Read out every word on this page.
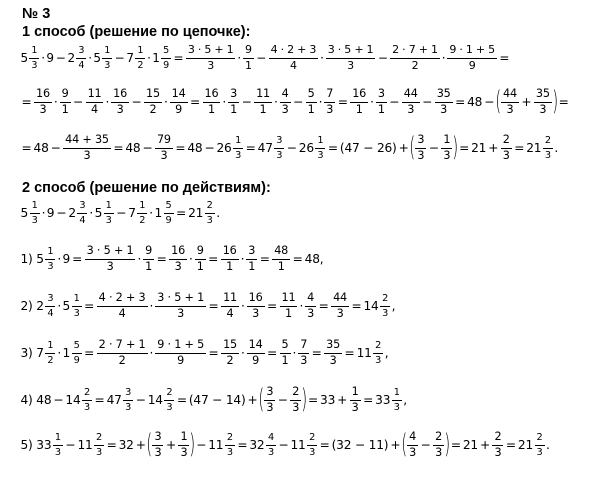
№ 3
1 способ (решение по цепочке):
$5 \frac{1}{3} \cdot 9 - 2 \frac{3}{4} \cdot 5 \frac{1}{3} - 7 \frac{1}{2} \cdot 1 \frac{5}{9} = \frac{3 \cdot 5 + 1}{3} \cdot \frac{9}{1} - \frac{4 \cdot 2 + 3}{4} \cdot \frac{3 \cdot 5 + 1}{3} - \frac{2 \cdot 7 + 1}{2} \cdot \frac{9 \cdot 1 + 5}{9}$ =
= $\frac{16}{3} \cdot \frac{9}{1} - \frac{11}{4} \cdot \frac{16}{3} - \frac{15}{2} \cdot \frac{14}{9} = \frac{16}{1} \cdot \frac{3}{1} - \frac{11}{1} \cdot \frac{4}{3} - \frac{5}{1} \cdot \frac{7}{3} = \frac{16}{1} \cdot \frac{3}{1} - \frac{44}{3} - \frac{35}{3} = 48$ − ( $\frac{44}{3} + \frac{35}{3}$ ) =
= $48 - \frac{44 + 35}{3} = 48 - \frac{79}{3} = 48 - 26 \frac{1}{3} = 47 \frac{3}{3} - 26 \frac{1}{3} = (47 - 26)$ + ( $\frac{3}{3} - \frac{1}{3}$ ) = $21 + \frac{2}{3} = 21 \frac{2}{3}$ .
2 способ (решение по действиям):
$5 \frac{1}{3} \cdot 9 - 2 \frac{3}{4} \cdot 5 \frac{1}{3} - 7 \frac{1}{2} \cdot 1 \frac{5}{9} = 21 \frac{2}{3}$ .
1) $5 \frac{1}{3} \cdot 9 = \frac{3 \cdot 5 + 1}{3} \cdot \frac{9}{1} = \frac{16}{3} \cdot \frac{9}{1} = \frac{16}{1} \cdot \frac{3}{1} = \frac{48}{1} = 48$,
2) $2 \frac{3}{4} \cdot 5 \frac{1}{3} = \frac{4 \cdot 2 + 3}{4} \cdot \frac{3 \cdot 5 + 1}{3} = \frac{11}{4} \cdot \frac{16}{3} = \frac{11}{1} \cdot \frac{4}{3} = \frac{44}{3} = 14 \frac{2}{3}$ ,
3) $7 \frac{1}{2} \cdot 1 \frac{5}{9} = \frac{2 \cdot 7 + 1}{2} \cdot \frac{9 \cdot 1 + 5}{9} = \frac{15}{2} \cdot \frac{14}{9} = \frac{5}{1} \cdot \frac{7}{3} = \frac{35}{3} = 11 \frac{2}{3}$ ,
4) $48 - 14 \frac{2}{3} = 47 \frac{3}{3} - 14 \frac{2}{3} = (47 - 14)$ + ( $\frac{3}{3} - \frac{2}{3}$ ) = $33 + \frac{1}{3} = 33 \frac{1}{3}$ ,
5) $33 \frac{1}{3} - 11 \frac{2}{3} = 32$ + ( $\frac{3}{3} + \frac{1}{3}$ ) − $11 \frac{2}{3} = 32 \frac{4}{3} - 11 \frac{2}{3} = (32 - 11)$ + ( $\frac{4}{3} - \frac{2}{3}$ ) = $21 + \frac{2}{3} = 21 \frac{2}{3}$ .
